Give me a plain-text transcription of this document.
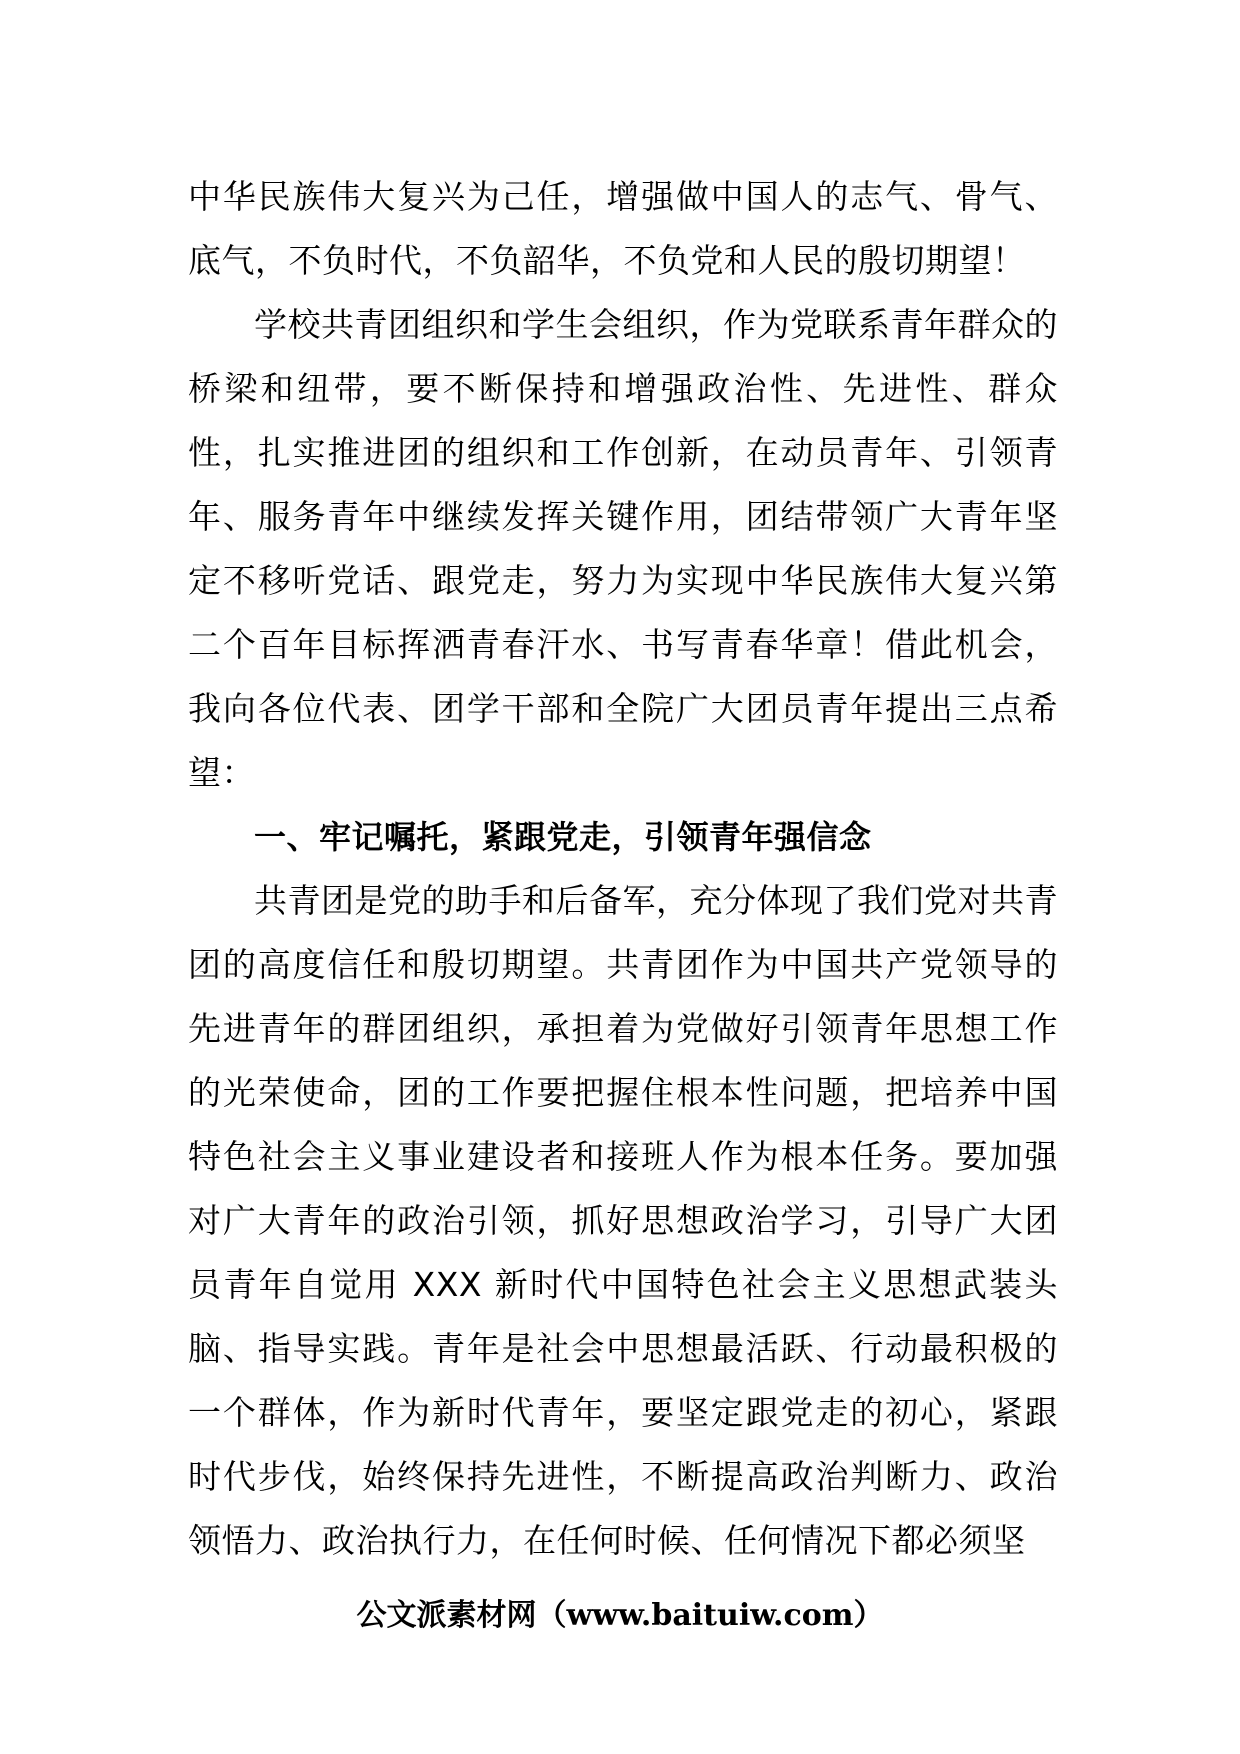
中华民族伟大复兴为己任，增强做中国人的志气、骨气、底气，不负时代，不负韶华，不负党和人民的殷切期望！

学校共青团组织和学生会组织，作为党联系青年群众的桥梁和纽带，要不断保持和增强政治性、先进性、群众性，扎实推进团的组织和工作创新，在动员青年、引领青年、服务青年中继续发挥关键作用，团结带领广大青年坚定不移听党话、跟党走，努力为实现中华民族伟大复兴第二个百年目标挥洒青春汗水、书写青春华章！借此机会，我向各位代表、团学干部和全院广大团员青年提出三点希望：

一、牢记嘱托，紧跟党走，引领青年强信念

共青团是党的助手和后备军，充分体现了我们党对共青团的高度信任和殷切期望。共青团作为中国共产党领导的先进青年的群团组织，承担着为党做好引领青年思想工作的光荣使命，团的工作要把握住根本性问题，把培养中国特色社会主义事业建设者和接班人作为根本任务。要加强对广大青年的政治引领，抓好思想政治学习，引导广大团员青年自觉用 XXX 新时代中国特色社会主义思想武装头脑、指导实践。青年是社会中思想最活跃、行动最积极的一个群体，作为新时代青年，要坚定跟党走的初心，紧跟时代步伐，始终保持先进性，不断提高政治判断力、政治领悟力、政治执行力，在任何时候、任何情况下都必须坚

公文派素材网（www.baituiw.com）
